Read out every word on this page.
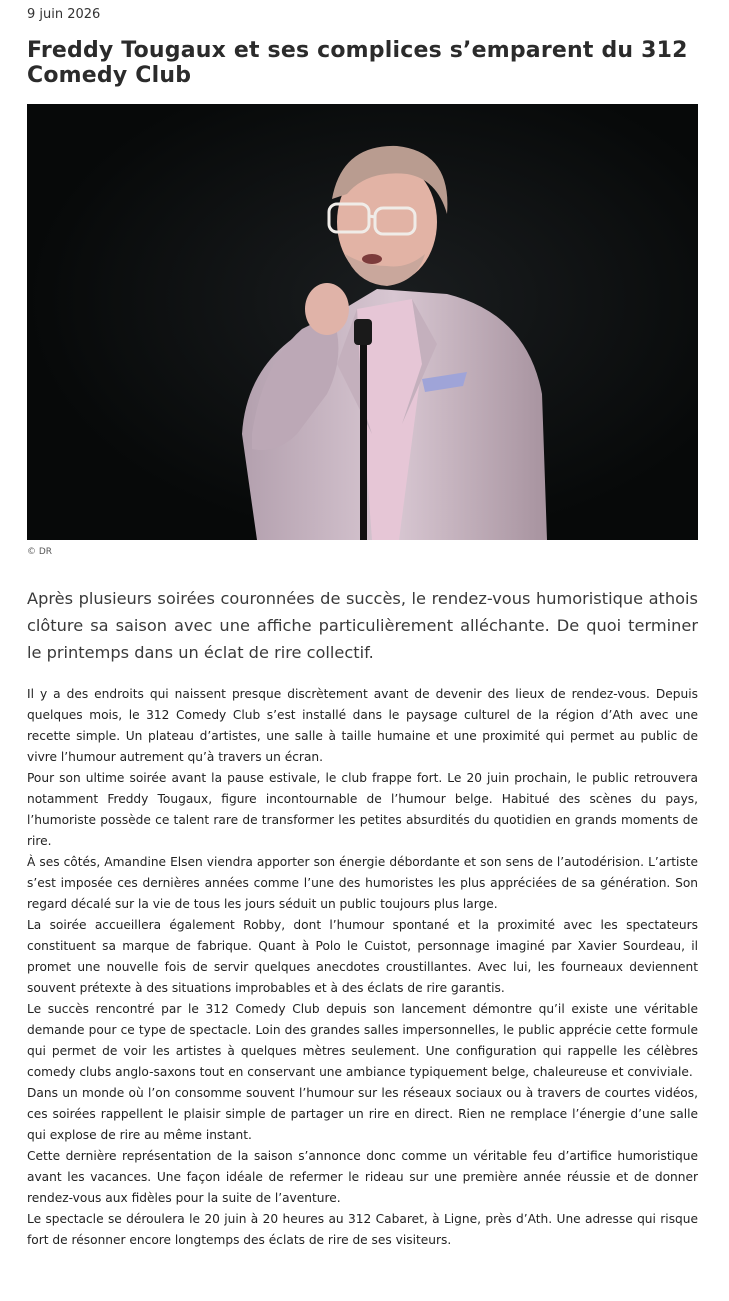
9 juin 2026
Freddy Tougaux et ses complices s’emparent du 312 Comedy Club
© DR

Après plusieurs soirées couronnées de succès, le rendez-vous humoristique athois clôture sa saison avec une affiche particulièrement alléchante. De quoi terminer le printemps dans un éclat de rire collectif.

Il y a des endroits qui naissent presque discrètement avant de devenir des lieux de rendez-vous. Depuis quelques mois, le 312 Comedy Club s’est installé dans le paysage culturel de la région d’Ath avec une recette simple. Un plateau d’artistes, une salle à taille humaine et une proximité qui permet au public de vivre l’humour autrement qu’à travers un écran.

Pour son ultime soirée avant la pause estivale, le club frappe fort. Le 20 juin prochain, le public retrouvera notamment Freddy Tougaux, figure incontournable de l’humour belge. Habitué des scènes du pays, l’humoriste possède ce talent rare de transformer les petites absurdités du quotidien en grands moments de rire.

À ses côtés, Amandine Elsen viendra apporter son énergie débordante et son sens de l’autodérision. L’artiste s’est imposée ces dernières années comme l’une des humoristes les plus appréciées de sa génération. Son regard décalé sur la vie de tous les jours séduit un public toujours plus large.

La soirée accueillera également Robby, dont l’humour spontané et la proximité avec les spectateurs constituent sa marque de fabrique. Quant à Polo le Cuistot, personnage imaginé par Xavier Sourdeau, il promet une nouvelle fois de servir quelques anecdotes croustillantes. Avec lui, les fourneaux deviennent souvent prétexte à des situations improbables et à des éclats de rire garantis.

Le succès rencontré par le 312 Comedy Club depuis son lancement démontre qu’il existe une véritable demande pour ce type de spectacle. Loin des grandes salles impersonnelles, le public apprécie cette formule qui permet de voir les artistes à quelques mètres seulement. Une configuration qui rappelle les célèbres comedy clubs anglo-saxons tout en conservant une ambiance typiquement belge, chaleureuse et conviviale.

Dans un monde où l’on consomme souvent l’humour sur les réseaux sociaux ou à travers de courtes vidéos, ces soirées rappellent le plaisir simple de partager un rire en direct. Rien ne remplace l’énergie d’une salle qui explose de rire au même instant.

Cette dernière représentation de la saison s’annonce donc comme un véritable feu d’artifice humoristique avant les vacances. Une façon idéale de refermer le rideau sur une première année réussie et de donner rendez-vous aux fidèles pour la suite de l’aventure.

Le spectacle se déroulera le 20 juin à 20 heures au 312 Cabaret, à Ligne, près d’Ath. Une adresse qui risque fort de résonner encore longtemps des éclats de rire de ses visiteurs.
